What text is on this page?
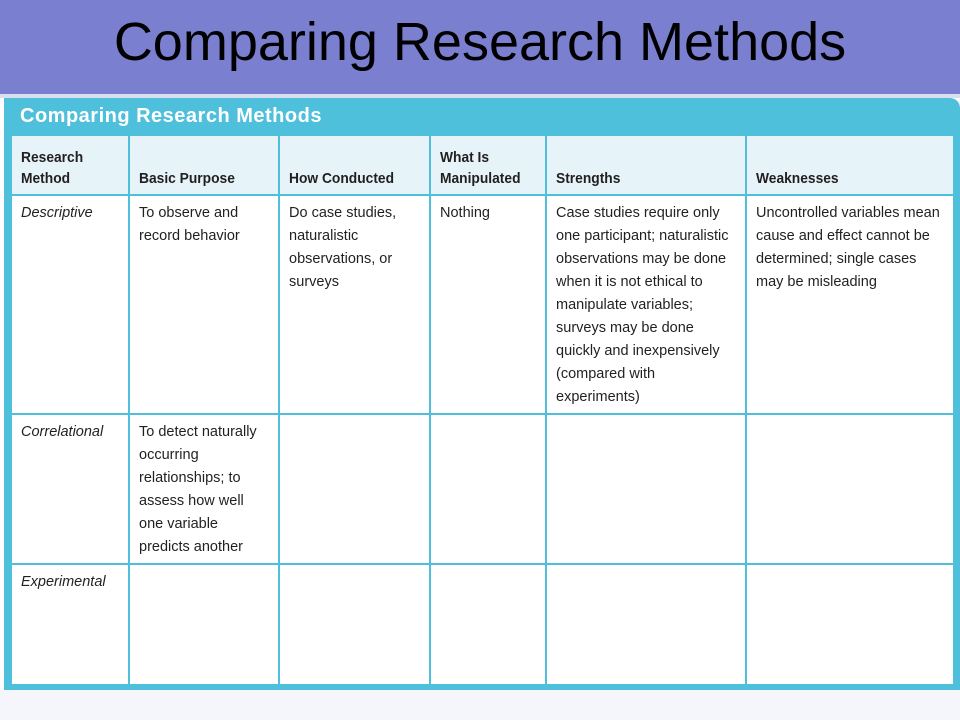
Comparing Research Methods
Comparing Research Methods
Research Method	Basic Purpose	How Conducted	What Is Manipulated	Strengths	Weaknesses

Descriptive	To observe and record behavior	Do case studies, naturalistic observations, or surveys	Nothing	Case studies require only one participant; naturalistic observations may be done when it is not ethical to manipulate variables; surveys may be done quickly and inexpensively (compared with experiments)	Uncontrolled variables mean cause and effect cannot be determined; single cases may be misleading
Correlational	To detect naturally occurring relationships; to assess how well one variable predicts another				
Experimental					
